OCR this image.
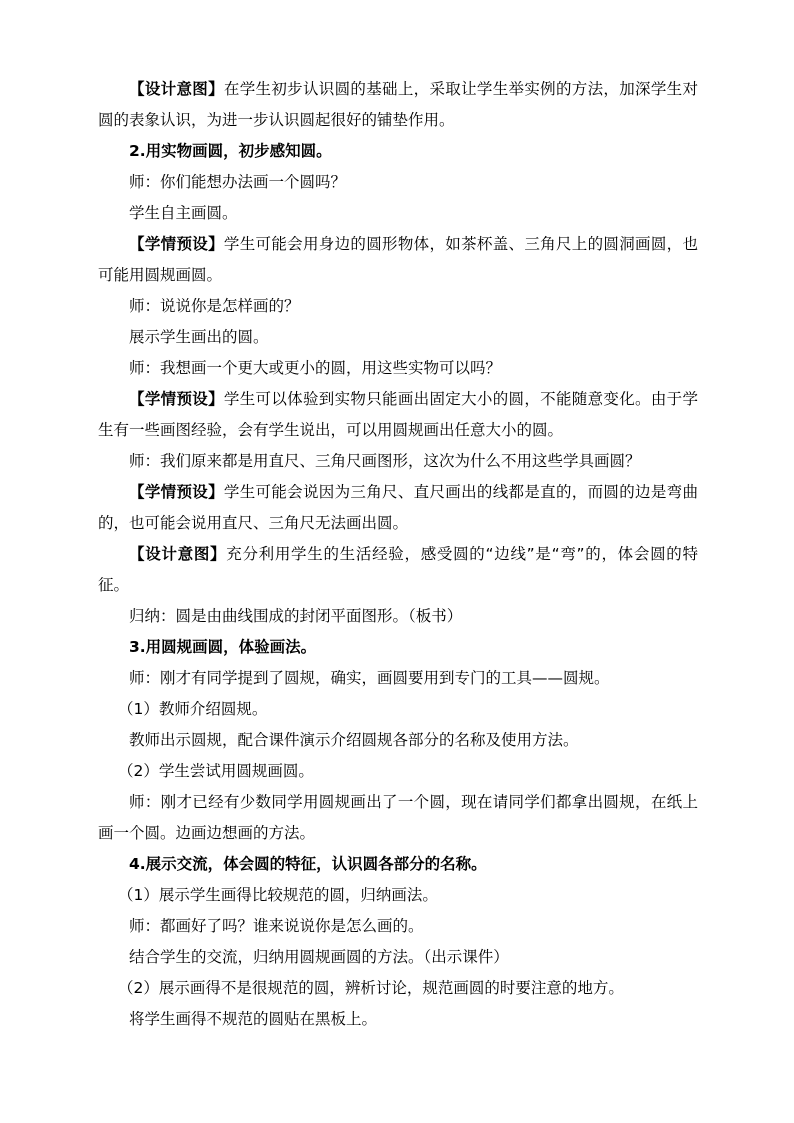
【设计意图】在学生初步认识圆的基础上，采取让学生举实例的方法，加深学生对圆的表象认识，为进一步认识圆起很好的铺垫作用。

2.用实物画圆，初步感知圆。

师：你们能想办法画一个圆吗？

学生自主画圆。

【学情预设】学生可能会用身边的圆形物体，如茶杯盖、三角尺上的圆洞画圆，也可能用圆规画圆。

师：说说你是怎样画的？

展示学生画出的圆。

师：我想画一个更大或更小的圆，用这些实物可以吗？

【学情预设】学生可以体验到实物只能画出固定大小的圆，不能随意变化。由于学生有一些画图经验，会有学生说出，可以用圆规画出任意大小的圆。

师：我们原来都是用直尺、三角尺画图形，这次为什么不用这些学具画圆？

【学情预设】学生可能会说因为三角尺、直尺画出的线都是直的，而圆的边是弯曲的，也可能会说用直尺、三角尺无法画出圆。

【设计意图】充分利用学生的生活经验，感受圆的“边线”是“弯”的，体会圆的特征。

归纳：圆是由曲线围成的封闭平面图形。（板书）

3.用圆规画圆，体验画法。

师：刚才有同学提到了圆规，确实，画圆要用到专门的工具——圆规。

（1）教师介绍圆规。

教师出示圆规，配合课件演示介绍圆规各部分的名称及使用方法。

（2）学生尝试用圆规画圆。

师：刚才已经有少数同学用圆规画出了一个圆，现在请同学们都拿出圆规，在纸上画一个圆。边画边想画的方法。

4.展示交流，体会圆的特征，认识圆各部分的名称。

（1）展示学生画得比较规范的圆，归纳画法。

师：都画好了吗？谁来说说你是怎么画的。

结合学生的交流，归纳用圆规画圆的方法。（出示课件）

（2）展示画得不是很规范的圆，辨析讨论，规范画圆的时要注意的地方。

将学生画得不规范的圆贴在黑板上。
